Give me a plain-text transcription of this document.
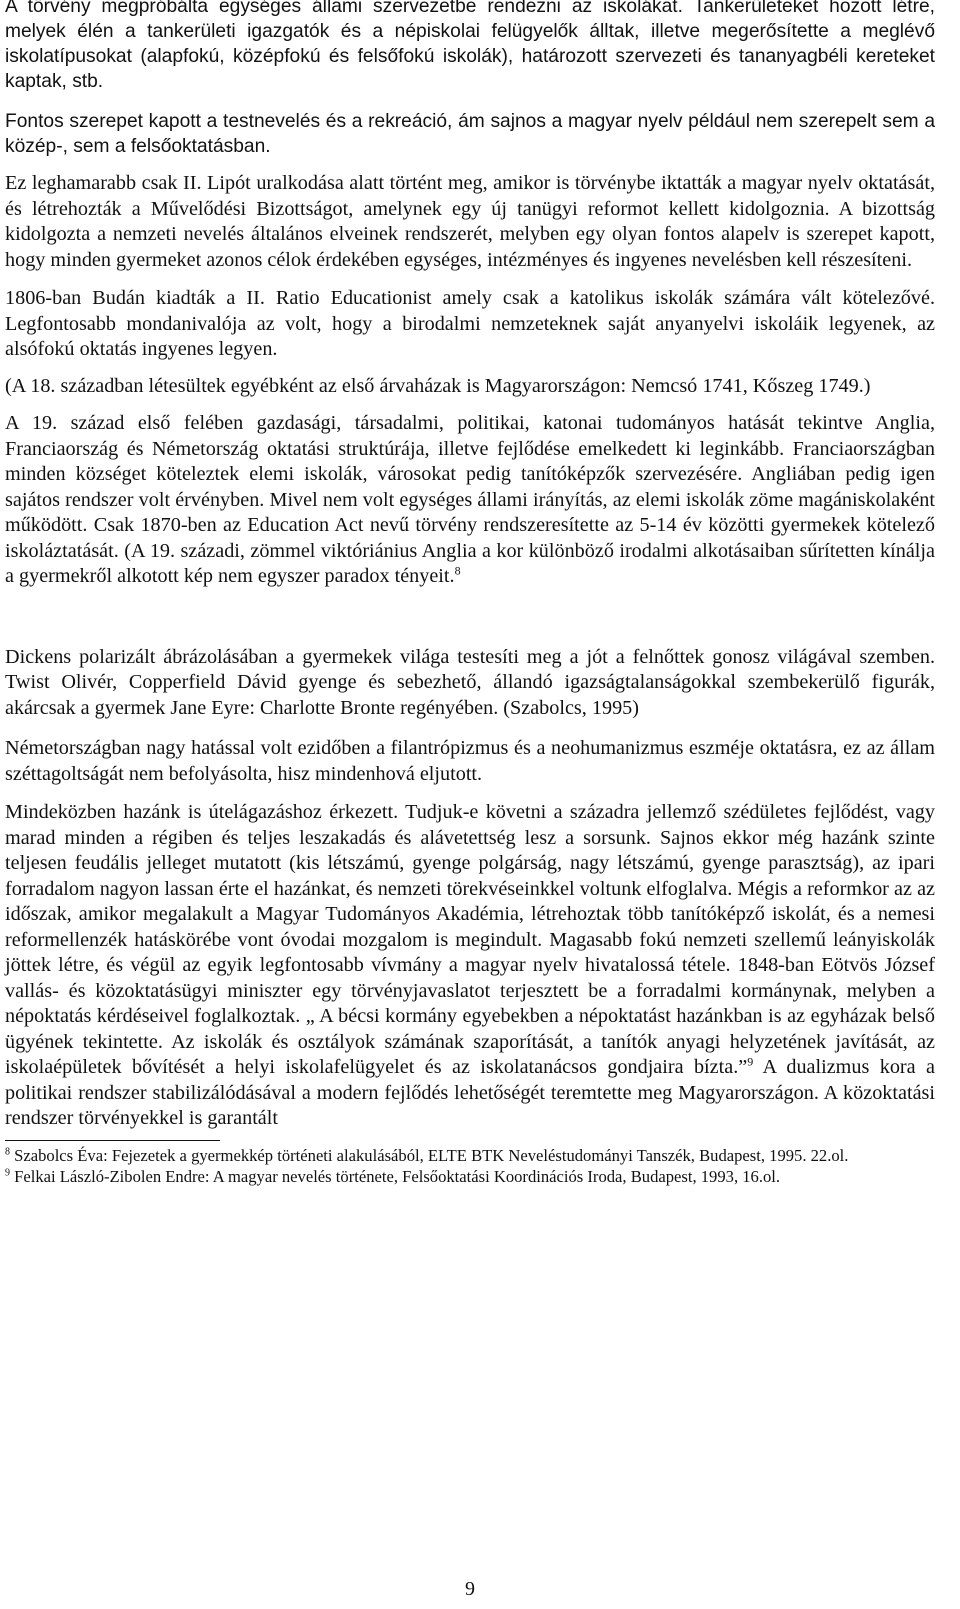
A törvény megpróbálta egységes állami szervezetbe rendezni az iskolákat. Tankerületeket hozott létre, melyek élén a tankerületi igazgatók és a népiskolai felügyelők álltak, illetve megerősítette a meglévő iskolatípusokat (alapfokú, középfokú és felsőfokú iskolák), határozott szervezeti és tananyagbéli kereteket kaptak, stb.

Fontos szerepet kapott a testnevelés és a rekreáció, ám sajnos a magyar nyelv például nem szerepelt sem a közép-, sem a felsőoktatásban.

Ez leghamarabb csak II. Lipót uralkodása alatt történt meg, amikor is törvénybe iktatták a magyar nyelv oktatását, és létrehozták a Művelődési Bizottságot, amelynek egy új tanügyi reformot kellett kidolgoznia. A bizottság kidolgozta a nemzeti nevelés általános elveinek rendszerét, melyben egy olyan fontos alapelv is szerepet kapott, hogy minden gyermeket azonos célok érdekében egységes, intézményes és ingyenes nevelésben kell részesíteni.

1806-ban Budán kiadták a II. Ratio Educationist amely csak a katolikus iskolák számára vált kötelezővé. Legfontosabb mondanivalója az volt, hogy a birodalmi nemzeteknek saját anyanyelvi iskoláik legyenek, az alsófokú oktatás ingyenes legyen.

(A 18. században létesültek egyébként az első árvaházak is Magyarországon: Nemcsó 1741, Kőszeg 1749.)

A 19. század első felében gazdasági, társadalmi, politikai, katonai tudományos hatását tekintve Anglia, Franciaország és Németország oktatási struktúrája, illetve fejlődése emelkedett ki leginkább. Franciaországban minden községet köteleztek elemi iskolák, városokat pedig tanítóképzők szervezésére. Angliában pedig igen sajátos rendszer volt érvényben. Mivel nem volt egységes állami irányítás, az elemi iskolák zöme magániskolaként működött. Csak 1870-ben az Education Act nevű törvény rendszeresítette az 5-14 év közötti gyermekek kötelező iskoláztatását. (A 19. századi, zömmel viktóriánius Anglia a kor különböző irodalmi alkotásaiban sűrítetten kínálja a gyermekről alkotott kép nem egyszer paradox tényeit.$^8$

Dickens polarizált ábrázolásában a gyermekek világa testesíti meg a jót a felnőttek gonosz világával szemben. Twist Olivér, Copperfield Dávid gyenge és sebezhető, állandó igazságtalanságokkal szembekerülő figurák, akárcsak a gyermek Jane Eyre: Charlotte Bronte regényében. (Szabolcs, 1995)

Németországban nagy hatással volt ezidőben a filantrópizmus és a neohumanizmus eszméje oktatásra, ez az állam széttagoltságát nem befolyásolta, hisz mindenhová eljutott.

Mindeközben hazánk is útelágazáshoz érkezett. Tudjuk-e követni a századra jellemző szédületes fejlődést, vagy marad minden a régiben és teljes leszakadás és alávetettség lesz a sorsunk. Sajnos ekkor még hazánk szinte teljesen feudális jelleget mutatott (kis létszámú, gyenge polgárság, nagy létszámú, gyenge parasztság), az ipari forradalom nagyon lassan érte el hazánkat, és nemzeti törekvéseinkkel voltunk elfoglalva. Mégis a reformkor az az időszak, amikor megalakult a Magyar Tudományos Akadémia, létrehoztak több tanítóképző iskolát, és a nemesi reformellenzék hatáskörébe vont óvodai mozgalom is megindult. Magasabb fokú nemzeti szellemű leányiskolák jöttek létre, és végül az egyik legfontosabb vívmány a magyar nyelv hivatalossá tétele. 1848-ban Eötvös József vallás- és közoktatásügyi miniszter egy törvényjavaslatot terjesztett be a forradalmi kormánynak, melyben a népoktatás kérdéseivel foglalkoztak. „ A bécsi kormány egyebekben a népoktatást hazánkban is az egyházak belső ügyének tekintette. Az iskolák és osztályok számának szaporítását, a tanítók anyagi helyzetének javítását, az iskolaépületek bővítését a helyi iskolafelügyelet és az iskolatanácsos gondjaira bízta.”$^9$ A dualizmus kora a politikai rendszer stabilizálódásával a modern fejlődés lehetőségét teremtette meg Magyarországon. A közoktatási rendszer törvényekkel is garantált

$^8$ Szabolcs Éva: Fejezetek a gyermekkép történeti alakulásából, ELTE BTK Neveléstudományi Tanszék, Budapest, 1995. 22.ol.

$^9$ Felkai László-Zibolen Endre: A magyar nevelés története, Felsőoktatási Koordinációs Iroda, Budapest, 1993, 16.ol.

9
